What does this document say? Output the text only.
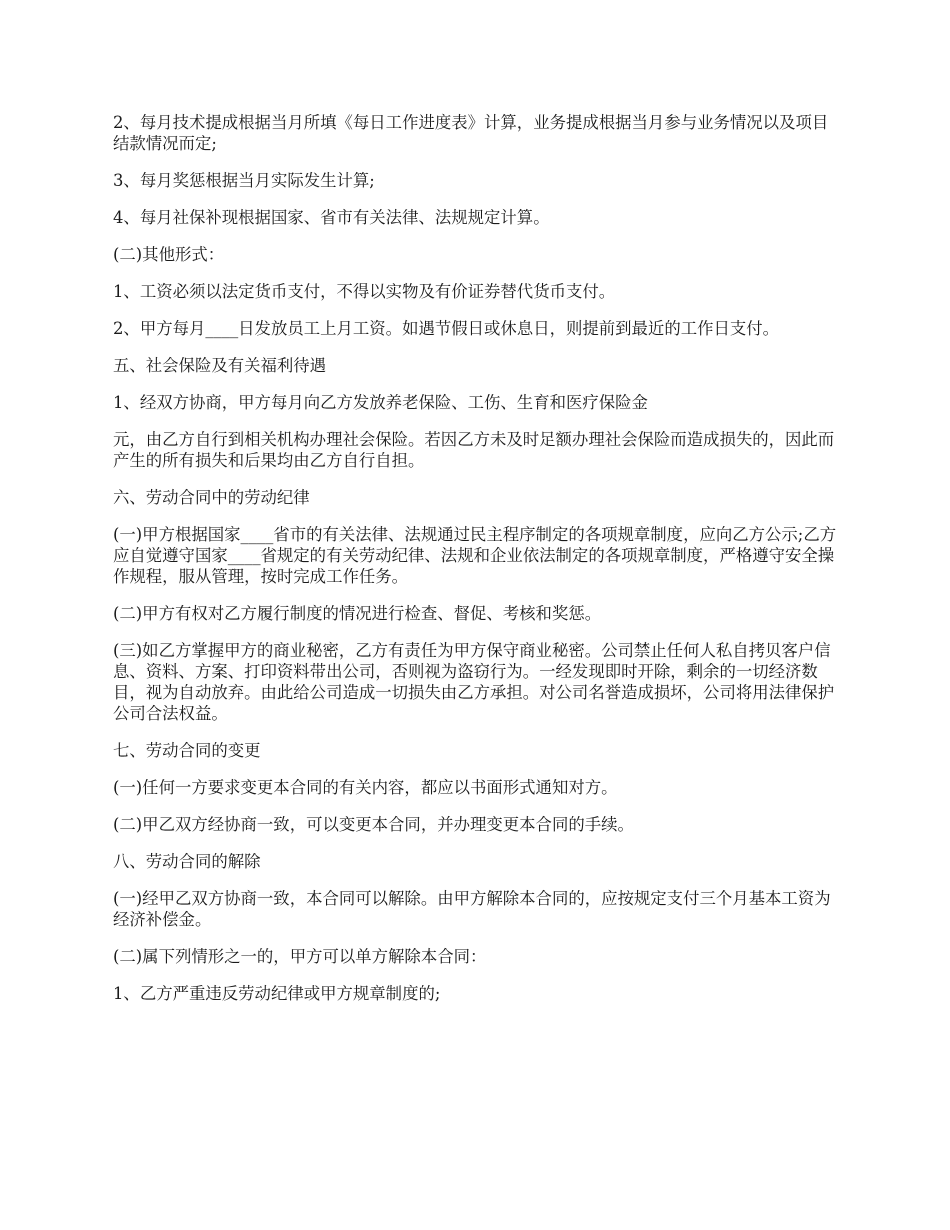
2、每月技术提成根据当月所填《每日工作进度表》计算，业务提成根据当月参与业务情况以及项目结款情况而定;

3、每月奖惩根据当月实际发生计算;

4、每月社保补现根据国家、省市有关法律、法规规定计算。

(二)其他形式：

1、工资必须以法定货币支付，不得以实物及有价证券替代货币支付。

2、甲方每月____日发放员工上月工资。如遇节假日或休息日，则提前到最近的工作日支付。

五、社会保险及有关福利待遇

1、经双方协商，甲方每月向乙方发放养老保险、工伤、生育和医疗保险金

元，由乙方自行到相关机构办理社会保险。若因乙方未及时足额办理社会保险而造成损失的，因此而产生的所有损失和后果均由乙方自行自担。

六、劳动合同中的劳动纪律

(一)甲方根据国家____省市的有关法律、法规通过民主程序制定的各项规章制度，应向乙方公示;乙方应自觉遵守国家____省规定的有关劳动纪律、法规和企业依法制定的各项规章制度，严格遵守安全操作规程，服从管理，按时完成工作任务。

(二)甲方有权对乙方履行制度的情况进行检查、督促、考核和奖惩。

(三)如乙方掌握甲方的商业秘密，乙方有责任为甲方保守商业秘密。公司禁止任何人私自拷贝客户信息、资料、方案、打印资料带出公司，否则视为盗窃行为。一经发现即时开除，剩余的一切经济数目，视为自动放弃。由此给公司造成一切损失由乙方承担。对公司名誉造成损坏，公司将用法律保护公司合法权益。

七、劳动合同的变更

(一)任何一方要求变更本合同的有关内容，都应以书面形式通知对方。

(二)甲乙双方经协商一致，可以变更本合同，并办理变更本合同的手续。

八、劳动合同的解除

(一)经甲乙双方协商一致，本合同可以解除。由甲方解除本合同的，应按规定支付三个月基本工资为经济补偿金。

(二)属下列情形之一的，甲方可以单方解除本合同：

1、乙方严重违反劳动纪律或甲方规章制度的;
